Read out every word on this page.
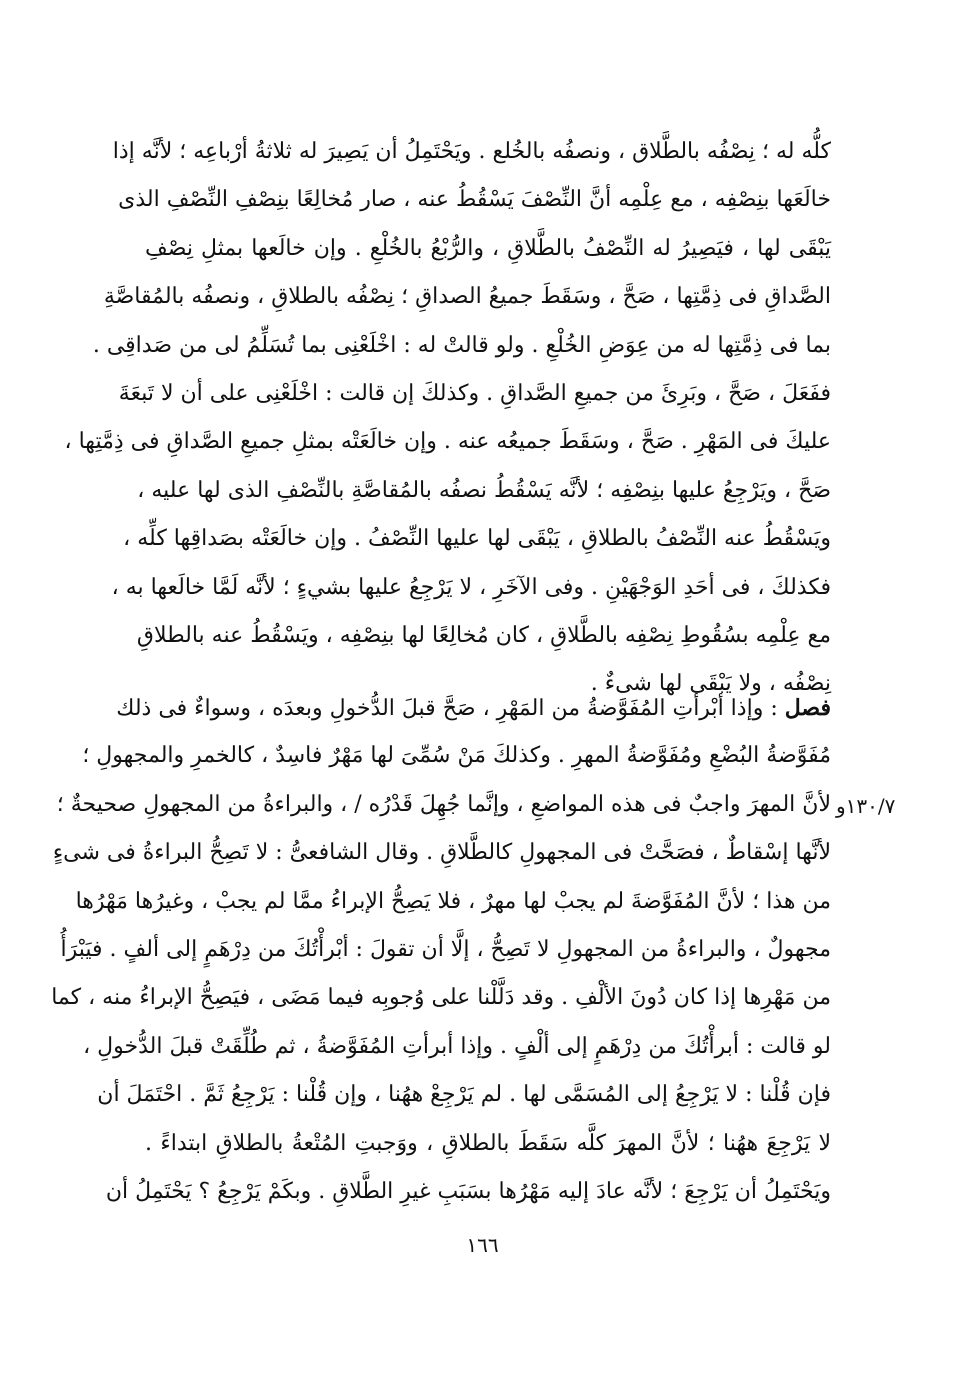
كلُّه له ؛ نِصْفُه بالطَّلاق ، ونصفُه بالخُلع . ويَحْتَمِلُ أن يَصِيرَ له ثلاثةُ أرْباعِه ؛ لأنَّه إذا
خالَعَها بنِصْفِه ، مع عِلْمِه أنَّ النِّصْفَ يَسْقُطُ عنه ، صار مُخالِعًا بنِصْفِ النِّصْفِ الذى
يَبْقَى لها ، فيَصِيرُ له النِّصْفُ بالطَّلاقِ ، والرُّبْعُ بالخُلْعِ . وإن خالَعها بمثلِ نِصْفِ
الصَّداقِ فى ذِمَّتِها ، صَحَّ ، وسَقَطَ جميعُ الصداقِ ؛ نِصْفُه بالطلاقِ ، ونصفُه بالمُقاصَّةِ
بما فى ذِمَّتِها له من عِوَضِ الخُلْعِ . ولو قالتْ له : اخْلَعْنِى بما تُسَلِّمُ لى من صَداقِى .
ففَعَلَ ، صَحَّ ، وبَرِئَ من جميعِ الصَّداقِ . وكذلكَ إن قالت : اخْلَعْنِى على أن لا تَبعَةَ
عليكَ فى المَهْرِ . صَحَّ ، وسَقَطَ جميعُه عنه . وإن خالَعَتْه بمثلِ جميعِ الصَّداقِ فى ذِمَّتِها ،
صَحَّ ، ويَرْجِعُ عليها بنِصْفِه ؛ لأنَّه يَسْقُطُ نصفُه بالمُقاصَّةِ بالنِّصْفِ الذى لها عليه ،
ويَسْقُطُ عنه النِّصْفُ بالطلاقِ ، يَبْقَى لها عليها النِّصْفُ . وإن خالَعَتْه بصَداقِها كلِّه ،
فكذلكَ ، فى أحَدِ الوَجْهَيْنِ . وفى الآخَرِ ، لا يَرْجِعُ عليها بشيءٍ ؛ لأنَّه لَمَّا خالَعها به ،
مع عِلْمِه بسُقُوطِ نِصْفِه بالطَّلاقِ ، كان مُخالِعًا لها بنِصْفِه ، ويَسْقُطُ عنه بالطلاقِ
نِصْفُه ، ولا يَبْقَى لها شىءٌ .
فصل : وإذا أبْرأتِ المُفَوَّضةُ من المَهْرِ ، صَحَّ قبلَ الدُّخولِ وبعدَه ، وسواءٌ فى ذلك
مُفَوَّضةُ البُضْعِ ومُفَوَّضةُ المهرِ . وكذلكَ مَنْ سُمِّىَ لها مَهْرٌ فاسِدٌ ، كالخمرِ والمجهولِ ؛
لأنَّ المهرَ واجبٌ فى هذه المواضعِ ، وإنَّما جُهِلَ قَدْرُه / ، والبراءةُ من المجهولِ صحيحةٌ ؛
لأنَّها إسْقاطٌ ، فصَحَّتْ فى المجهولِ كالطَّلاقِ . وقال الشافعىُّ : لا تَصِحُّ البراءةُ فى شىءٍ
من هذا ؛ لأنَّ المُفَوَّضةَ لم يجبْ لها مهرٌ ، فلا يَصِحُّ الإبراءُ ممَّا لم يجبْ ، وغيرُها مَهْرُها
مجهولٌ ، والبراءةُ من المجهولِ لا تَصِحُّ ، إلَّا أن تقولَ : أبْرأْتُكَ من دِرْهَمٍ إلى ألفٍ . فيَبْرَأُ
من مَهْرِها إذا كان دُونَ الألْفِ . وقد دَلَّلْنا على وُجوبِه فيما مَضَى ، فيَصِحُّ الإبراءُ منه ، كما
لو قالت : أبرأْتُكَ من دِرْهَمٍ إلى ألْفٍ . وإذا أبرأتِ المُفَوَّضةُ ، ثم طُلِّقَتْ قبلَ الدُّخولِ ،
فإن قُلْنا : لا يَرْجِعُ إلى المُسَمَّى لها . لم يَرْجِعْ ههُنا ، وإن قُلْنا : يَرْجِعُ ثَمَّ . احْتَمَلَ أن
لا يَرْجِعَ ههُنا ؛ لأنَّ المهرَ كلَّه سَقَطَ بالطلاقِ ، ووَجبتِ المُتْعةُ بالطلاقِ ابتداءً .
ويَحْتَمِلُ أن يَرْجِعَ ؛ لأنَّه عادَ إليه مَهْرُها بسَبَبِ غيرِ الطَّلاقِ . وبكَمْ يَرْجِعُ ؟ يَحْتَمِلُ أن
١٣٠/٧و
١٦٦
